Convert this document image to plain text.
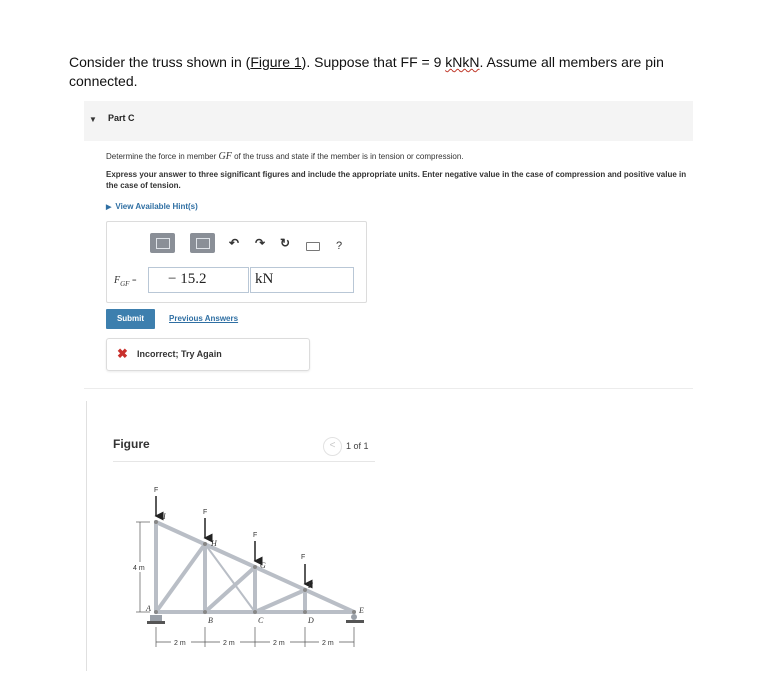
Consider the truss shown in (Figure 1). Suppose that FF = 9 kNkN. Assume all members are pin connected.
▼ Part C
Determine the force in member GF of the truss and state if the member is in tension or compression.
Express your answer to three significant figures and include the appropriate units. Enter negative value in the case of compression and positive value in the case of tension.
▶ View Available Hint(s)
↶ ↷ ↻	?
$F_{GF}$ =	− 15.2	kN
Submit	Previous Answers
✖ Incorrect; Try Again
Figure	<	1 of 1
F
F
F
F
I
H
G
F
A
B	C	D
E
4 m
2 m	2 m	2 m	2 m
